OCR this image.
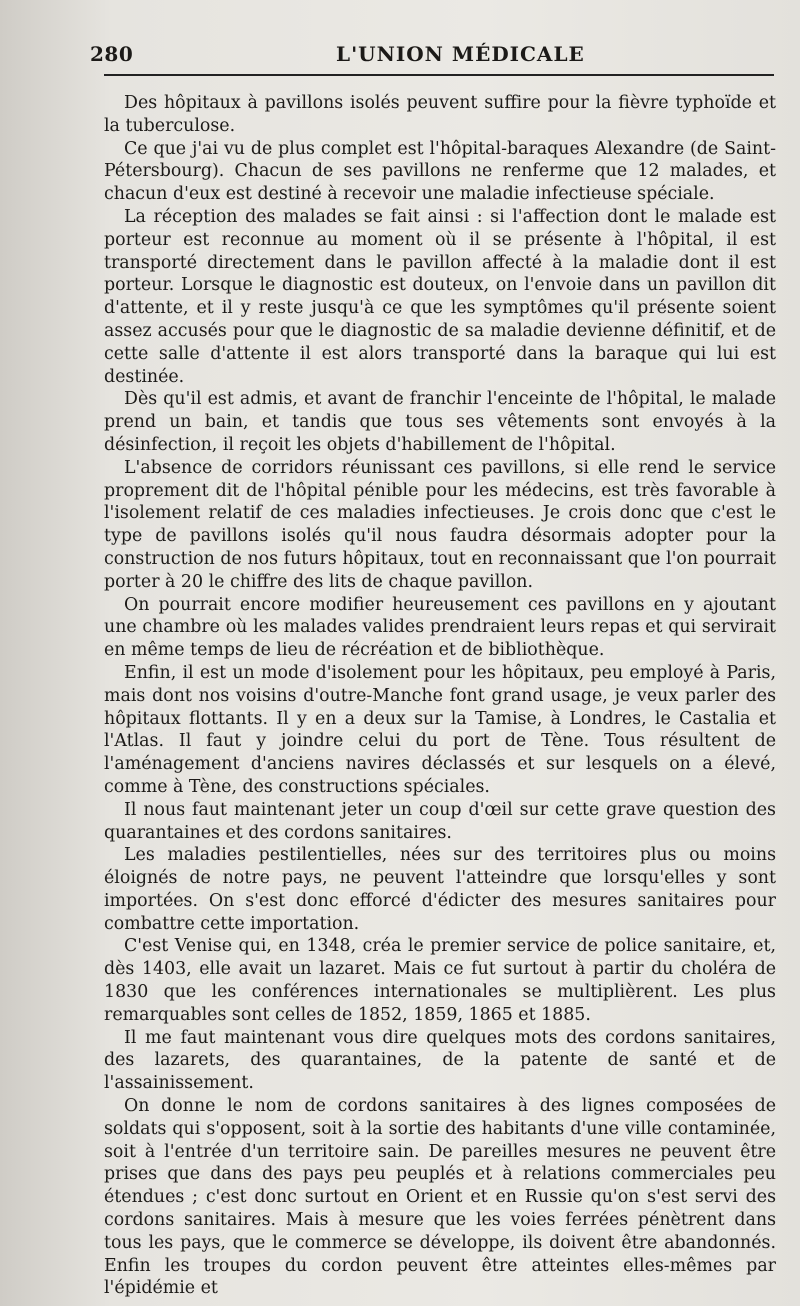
280	L'UNION MÉDICALE

Des hôpitaux à pavillons isolés peuvent suffire pour la fièvre typhoïde et la tuberculose.

Ce que j'ai vu de plus complet est l'hôpital-baraques Alexandre (de Saint-Pétersbourg). Chacun de ses pavillons ne renferme que 12 malades, et chacun d'eux est destiné à recevoir une maladie infectieuse spéciale.

La réception des malades se fait ainsi : si l'affection dont le malade est porteur est reconnue au moment où il se présente à l'hôpital, il est transporté directement dans le pavillon affecté à la maladie dont il est porteur. Lorsque le diagnostic est douteux, on l'envoie dans un pavillon dit d'attente, et il y reste jusqu'à ce que les symptômes qu'il présente soient assez accusés pour que le diagnostic de sa maladie devienne définitif, et de cette salle d'attente il est alors transporté dans la baraque qui lui est destinée.

Dès qu'il est admis, et avant de franchir l'enceinte de l'hôpital, le malade prend un bain, et tandis que tous ses vêtements sont envoyés à la désinfection, il reçoit les objets d'habillement de l'hôpital.

L'absence de corridors réunissant ces pavillons, si elle rend le service proprement dit de l'hôpital pénible pour les médecins, est très favorable à l'isolement relatif de ces maladies infectieuses. Je crois donc que c'est le type de pavillons isolés qu'il nous faudra désormais adopter pour la construction de nos futurs hôpitaux, tout en reconnaissant que l'on pourrait porter à 20 le chiffre des lits de chaque pavillon.

On pourrait encore modifier heureusement ces pavillons en y ajoutant une chambre où les malades valides prendraient leurs repas et qui servirait en même temps de lieu de récréation et de bibliothèque.

Enfin, il est un mode d'isolement pour les hôpitaux, peu employé à Paris, mais dont nos voisins d'outre-Manche font grand usage, je veux parler des hôpitaux flottants. Il y en a deux sur la Tamise, à Londres, le Castalia et l'Atlas. Il faut y joindre celui du port de Tène. Tous résultent de l'aménagement d'anciens navires déclassés et sur lesquels on a élevé, comme à Tène, des constructions spéciales.

Il nous faut maintenant jeter un coup d'œil sur cette grave question des quarantaines et des cordons sanitaires.

Les maladies pestilentielles, nées sur des territoires plus ou moins éloignés de notre pays, ne peuvent l'atteindre que lorsqu'elles y sont importées. On s'est donc efforcé d'édicter des mesures sanitaires pour combattre cette importation.

C'est Venise qui, en 1348, créa le premier service de police sanitaire, et, dès 1403, elle avait un lazaret. Mais ce fut surtout à partir du choléra de 1830 que les conférences internationales se multiplièrent. Les plus remarquables sont celles de 1852, 1859, 1865 et 1885.

Il me faut maintenant vous dire quelques mots des cordons sanitaires, des lazarets, des quarantaines, de la patente de santé et de l'assainissement.

On donne le nom de cordons sanitaires à des lignes composées de soldats qui s'opposent, soit à la sortie des habitants d'une ville contaminée, soit à l'entrée d'un territoire sain. De pareilles mesures ne peuvent être prises que dans des pays peu peuplés et à relations commerciales peu étendues ; c'est donc surtout en Orient et en Russie qu'on s'est servi des cordons sanitaires. Mais à mesure que les voies ferrées pénètrent dans tous les pays, que le commerce se développe, ils doivent être abandonnés. Enfin les troupes du cordon peuvent être atteintes elles-mêmes par l'épidémie et
